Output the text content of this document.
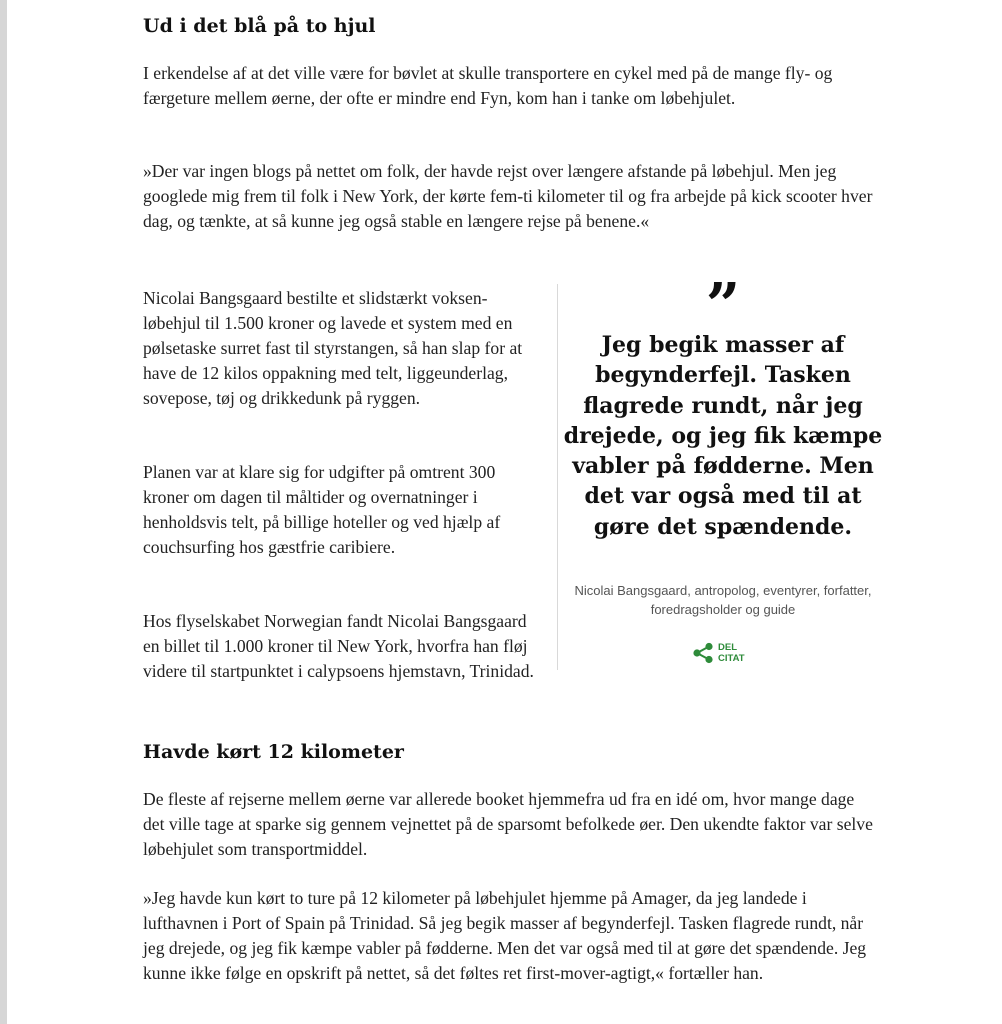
Ud i det blå på to hjul

I erkendelse af at det ville være for bøvlet at skulle transportere en cykel med på de mange fly- og færgeture mellem øerne, der ofte er mindre end Fyn, kom han i tanke om løbehjulet.

»Der var ingen blogs på nettet om folk, der havde rejst over længere afstande på løbehjul. Men jeg googlede mig frem til folk i New York, der kørte fem-ti kilometer til og fra arbejde på kick scooter hver dag, og tænkte, at så kunne jeg også stable en længere rejse på benene.«

Nicolai Bangsgaard bestilte et slidstærkt voksen-løbehjul til 1.500 kroner og lavede et system med en pølsetaske surret fast til styrstangen, så han slap for at have de 12 kilos oppakning med telt, liggeunderlag, sovepose, tøj og drikkedunk på ryggen.

Planen var at klare sig for udgifter på omtrent 300 kroner om dagen til måltider og overnatninger i henholdsvis telt, på billige hoteller og ved hjælp af couchsurfing hos gæstfrie caribiere.

Hos flyselskabet Norwegian fandt Nicolai Bangsgaard en billet til 1.000 kroner til New York, hvorfra han fløj videre til startpunktet i calypsoens hjemstavn, Trinidad.

Havde kørt 12 kilometer

De fleste af rejserne mellem øerne var allerede booket hjemmefra ud fra en idé om, hvor mange dage det ville tage at sparke sig gennem vejnettet på de sparsomt befolkede øer. Den ukendte faktor var selve løbehjulet som transportmiddel.

»Jeg havde kun kørt to ture på 12 kilometer på løbehjulet hjemme på Amager, da jeg landede i lufthavnen i Port of Spain på Trinidad. Så jeg begik masser af begynderfejl. Tasken flagrede rundt, når jeg drejede, og jeg fik kæmpe vabler på fødderne. Men det var også med til at gøre det spændende. Jeg kunne ikke følge en opskrift på nettet, så det føltes ret first-mover-agtigt,« fortæller han.

”

Jeg begik masser af begynderfejl. Tasken flagrede rundt, når jeg drejede, og jeg fik kæmpe vabler på fødderne. Men det var også med til at gøre det spændende.

Nicolai Bangsgaard, antropolog, eventyrer, forfatter, foredragsholder og guide

DEL
CITAT
